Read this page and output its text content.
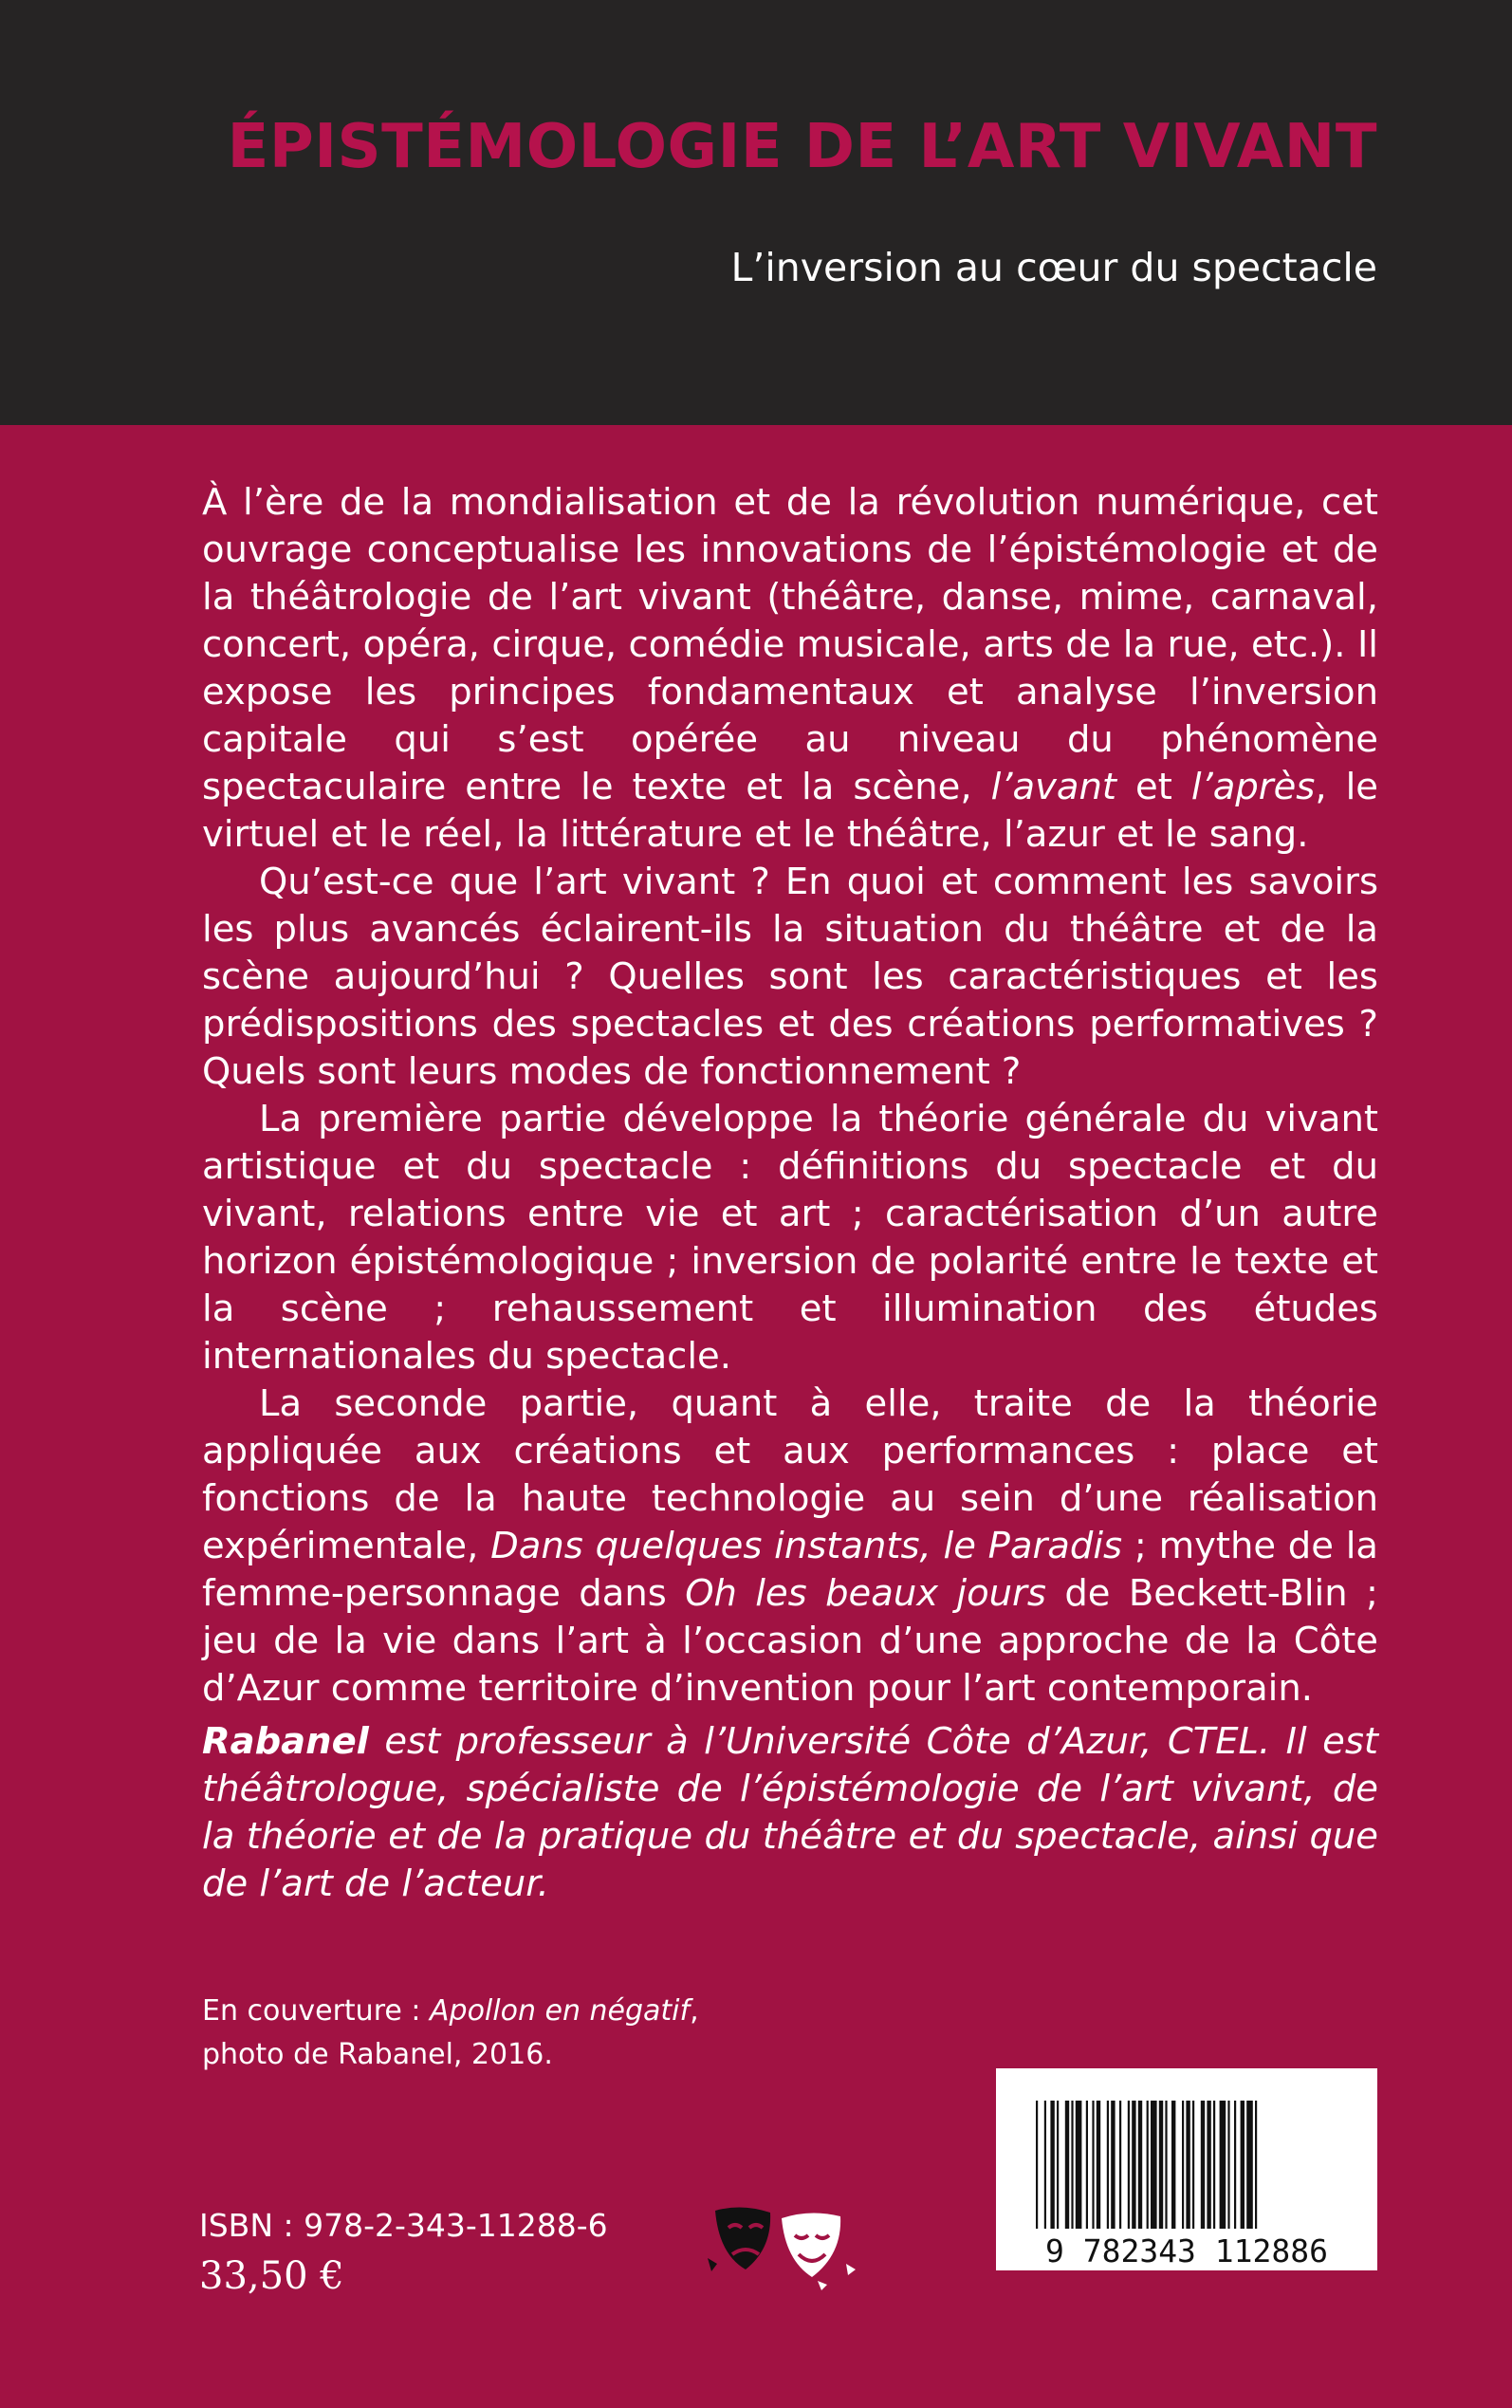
ÉPISTÉMOLOGIE DE L’ART VIVANT
L’inversion au cœur du spectacle

À l’ère de la mondialisation et de la révolution numérique, cet ouvrage conceptualise les innovations de l’épistémologie et de la théâtrologie de l’art vivant (théâtre, danse, mime, carnaval, concert, opéra, cirque, comédie musicale, arts de la rue, etc.). Il expose les principes fondamentaux et analyse l’inversion capitale qui s’est opérée au niveau du phénomène spectaculaire entre le texte et la scène, l’avant et l’après, le virtuel et le réel, la littérature et le théâtre, l’azur et le sang.

Qu’est-ce que l’art vivant ? En quoi et comment les savoirs les plus avancés éclairent-ils la situation du théâtre et de la scène aujourd’hui ? Quelles sont les caractéristiques et les prédispositions des spectacles et des créations performatives ? Quels sont leurs modes de fonctionnement ?

La première partie développe la théorie générale du vivant artistique et du spectacle : définitions du spectacle et du vivant, relations entre vie et art ; caractérisation d’un autre horizon épistémologique ; inversion de polarité entre le texte et la scène ; rehaussement et illumination des études internationales du spectacle.

La seconde partie, quant à elle, traite de la théorie appliquée aux créations et aux performances : place et fonctions de la haute technologie au sein d’une réalisation expérimentale, Dans quelques instants, le Paradis ; mythe de la femme-personnage dans Oh les beaux jours de Beckett-Blin ; jeu de la vie dans l’art à l’occasion d’une approche de la Côte d’Azur comme territoire d’invention pour l’art contemporain.

Rabanel est professeur à l’Université Côte d’Azur, CTEL. Il est théâtrologue, spécialiste de l’épistémologie de l’art vivant, de la théorie et de la pratique du théâtre et du spectacle, ainsi que de l’art de l’acteur.
En couverture : Apollon en négatif,
photo de Rabanel, 2016.
ISBN : 978-2-343-11288-6
33,50 €
9 782343 112886
